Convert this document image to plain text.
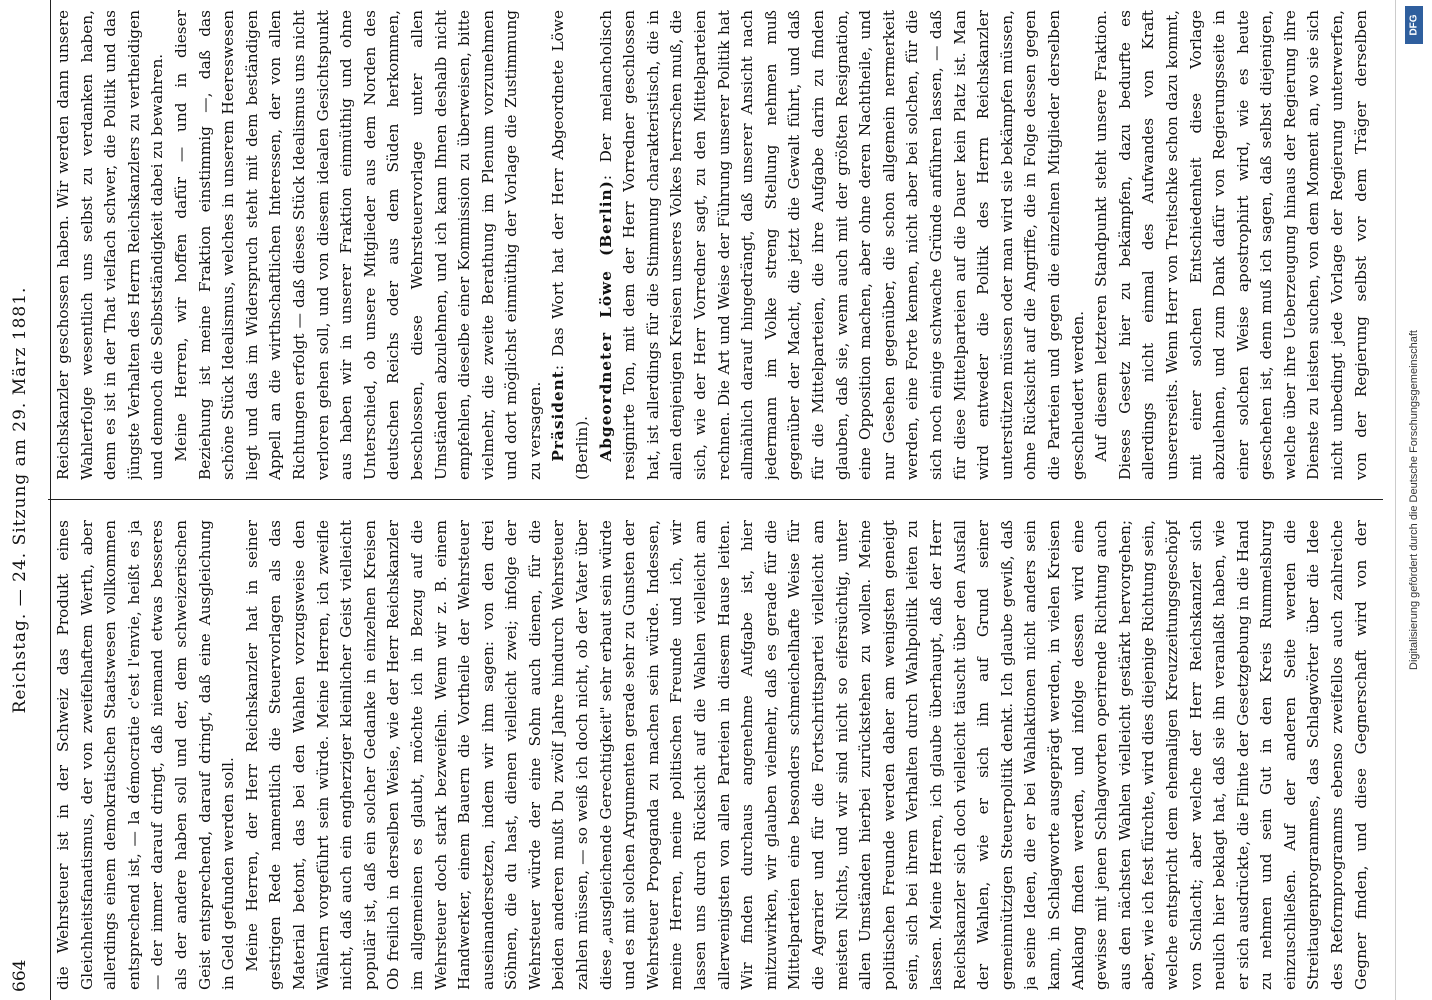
664
Reichstag. — 24. Sitzung am 29. März 1881.

die Wehrsteuer ist in der Schweiz das Produkt eines Gleichheitsfanatismus, der von zweifelhaftem Werth, aber allerdings einem demokratischen Staatswesen vollkommen entsprechend ist, — la démocratie c'est l'envie, heißt es ja — der immer darauf dringt, daß niemand etwas besseres als der andere haben soll und der, dem schweizerischen Geist entsprechend, darauf dringt, daß eine Ausgleichung in Geld gefunden werden soll. Meine Herren, der Herr Reichskanzler hat in seiner gestrigen Rede namentlich die Steuervorlagen als das Material betont, das bei den Wahlen vorzugsweise den Wählern vorgeführt sein würde. Meine Herren, ich zweifle nicht, daß auch ein engherziger kleinlicher Geist vielleicht populär ist, daß ein solcher Gedanke in einzelnen Kreisen Ob freilich in derselben Weise, wie der Herr Reichskanzler im allgemeinen es glaubt, möchte ich in Bezug auf die Wehrsteuer doch stark bezweifeln. Wenn wir z. B. einem Handwerker, einem Bauern die Vortheile der Wehrsteuer auseinandersetzen, indem wir ihm sagen: von den drei Söhnen, die du hast, dienen vielleicht zwei; infolge der Wehrsteuer würde der eine Sohn auch dienen, für die beiden anderen mußt Du zwölf Jahre hindurch Wehrsteuer zahlen müssen, — so weiß ich doch nicht, ob der Vater über diese „ausgleichende Gerechtigkeit" sehr erbaut sein würde und es mit solchen Argumenten gerade sehr zu Gunsten der Wehrsteuer Propaganda zu machen sein würde. Indessen, meine Herren, meine politischen Freunde und ich, wir lassen uns durch Rücksicht auf die Wahlen vielleicht am allerwenigsten von allen Parteien in diesem Hause leiten. Wir finden durchaus angenehme Aufgabe ist, hier mitzuwirken, wir glauben vielmehr, daß es gerade für die Mittelparteien eine besonders schmeichelhafte Weise für die Agrarier und für die Fortschrittspartei vielleicht am meisten Nichts, und wir sind nicht so eifersüchtig, unter allen Umständen hierbei zurückstehen zu wollen. Meine politischen Freunde werden daher am wenigsten geneigt sein, sich bei ihrem Verhalten durch Wahlpolitik leiten zu lassen. Meine Herren, ich glaube überhaupt, daß der Herr Reichskanzler sich doch vielleicht täuscht über den Ausfall der Wahlen, wie er sich ihn auf Grund seiner gemeinnützigen Steuerpolitik denkt. Ich glaube gewiß, daß ja seine Ideen, die er bei Wahlaktionen nicht anders sein kann, in Schlagworte ausgeprägt werden, in vielen Kreisen Anklang finden werden, und infolge dessen wird eine gewisse mit jenen Schlagworten operirende Richtung auch aus den nächsten Wahlen vielleicht gestärkt hervorgehen; aber, wie ich fest fürchte, wird dies diejenige Richtung sein, welche entspricht dem ehemaligen Kreuzzeitungsgeschöpf von Schlacht; aber welche der Herr Reichskanzler sich neulich hier beklagt hat, daß sie ihn veranlaßt haben, wie er sich ausdrückte, die Flinte der Gesetzgebung in die Hand zu nehmen und sein Gut in den Kreis Rummelsburg einzuschließen. Auf der anderen Seite werden die Streitaugenprogrammes, das Schlagwörter über die Idee des Reformprogramms ebenso zweifellos auch zahlreiche Gegner finden, und diese Gegnerschaft wird von der

Reichskanzler geschossen haben. Wir werden dann unsere Wahlerfolge wesentlich uns selbst zu verdanken haben, denn es ist in der That vielfach schwer, die Politik und das jüngste Verhalten des Herrn Reichskanzlers zu vertheidigen und dennoch die Selbstständigkeit dabei zu bewahren. Meine Herren, wir hoffen dafür — und in dieser Beziehung ist meine Fraktion einstimmig —, daß das schöne Stück Idealismus, welches in unserem Heereswesen liegt und das im Widerspruch steht mit dem beständigen Appell an die wirthschaftlichen Interessen, der von allen Richtungen erfolgt — daß dieses Stück Idealismus uns nicht verloren gehen soll, und von diesem idealen Gesichtspunkt aus haben wir in unserer Fraktion einmüthig und ohne Unterschied, ob unsere Mitglieder aus dem Norden des deutschen Reichs oder aus dem Süden herkommen, beschlossen, diese Wehrsteuervorlage unter allen Umständen abzulehnen, und ich kann Ihnen deshalb nicht empfehlen, dieselbe einer Kommission zu überweisen, bitte vielmehr, die zweite Berathung im Plenum vorzunehmen und dort möglichst einmüthig der Vorlage die Zustimmung zu versagen. Präsident: Das Wort hat der Herr Abgeordnete Löwe (Berlin). Abgeordneter Löwe (Berlin): Der melancholisch resignirte Ton, mit dem der Herr Vorredner geschlossen hat, ist allerdings für die Stimmung charakteristisch, die in allen denjenigen Kreisen unseres Volkes herrschen muß, die sich, wie der Herr Vorredner sagt, zu den Mittelparteien rechnen. Die Art und Weise der Führung unserer Politik hat allmählich darauf hingedrängt, daß unserer Ansicht nach jedermann im Volke streng Stellung nehmen muß gegenüber der Macht, die jetzt die Gewalt führt, und daß für die Mittelparteien, die ihre Aufgabe darin zu finden glauben, daß sie, wenn auch mit der größten Resignation, eine Opposition machen, aber ohne deren Nachtheile, und nur Gesehen gegenüber, die schon allgemein nermerkeit werden, eine Forte kennen, nicht aber bei solchen, für die sich noch einige schwache Gründe anführen lassen, — daß für diese Mittelparteien auf die Dauer kein Platz ist. Man wird entweder die Politik des Herrn Reichskanzler unterstützen müssen oder man wird sie bekämpfen müssen, ohne Rücksicht auf die Angriffe, die in Folge dessen gegen die Parteien und gegen die einzelnen Mitglieder derselben geschleudert werden. Auf diesem letzteren Standpunkt steht unsere Fraktion. Dieses Gesetz hier zu bekämpfen, dazu bedurfte es allerdings nicht einmal des Aufwandes von Kraft unsererseits. Wenn Herr von Treitschke schon dazu kommt, mit einer solchen Entschiedenheit diese Vorlage abzulehnen, und zum Dank dafür von Regierungsseite in einer solchen Weise apostrophirt wird, wie es heute geschehen ist, denn muß ich sagen, daß selbst diejenigen, welche über ihre Ueberzeugung hinaus der Regierung ihre Dienste zu leisten suchen, von dem Moment an, wo sie sich nicht unbedingt jede Vorlage der Regierung unterwerfen, von der Regierung selbst vor dem Träger derselben	DFG
Digitalisierung gefördert durch die Deutsche Forschungsgemeinschaft
